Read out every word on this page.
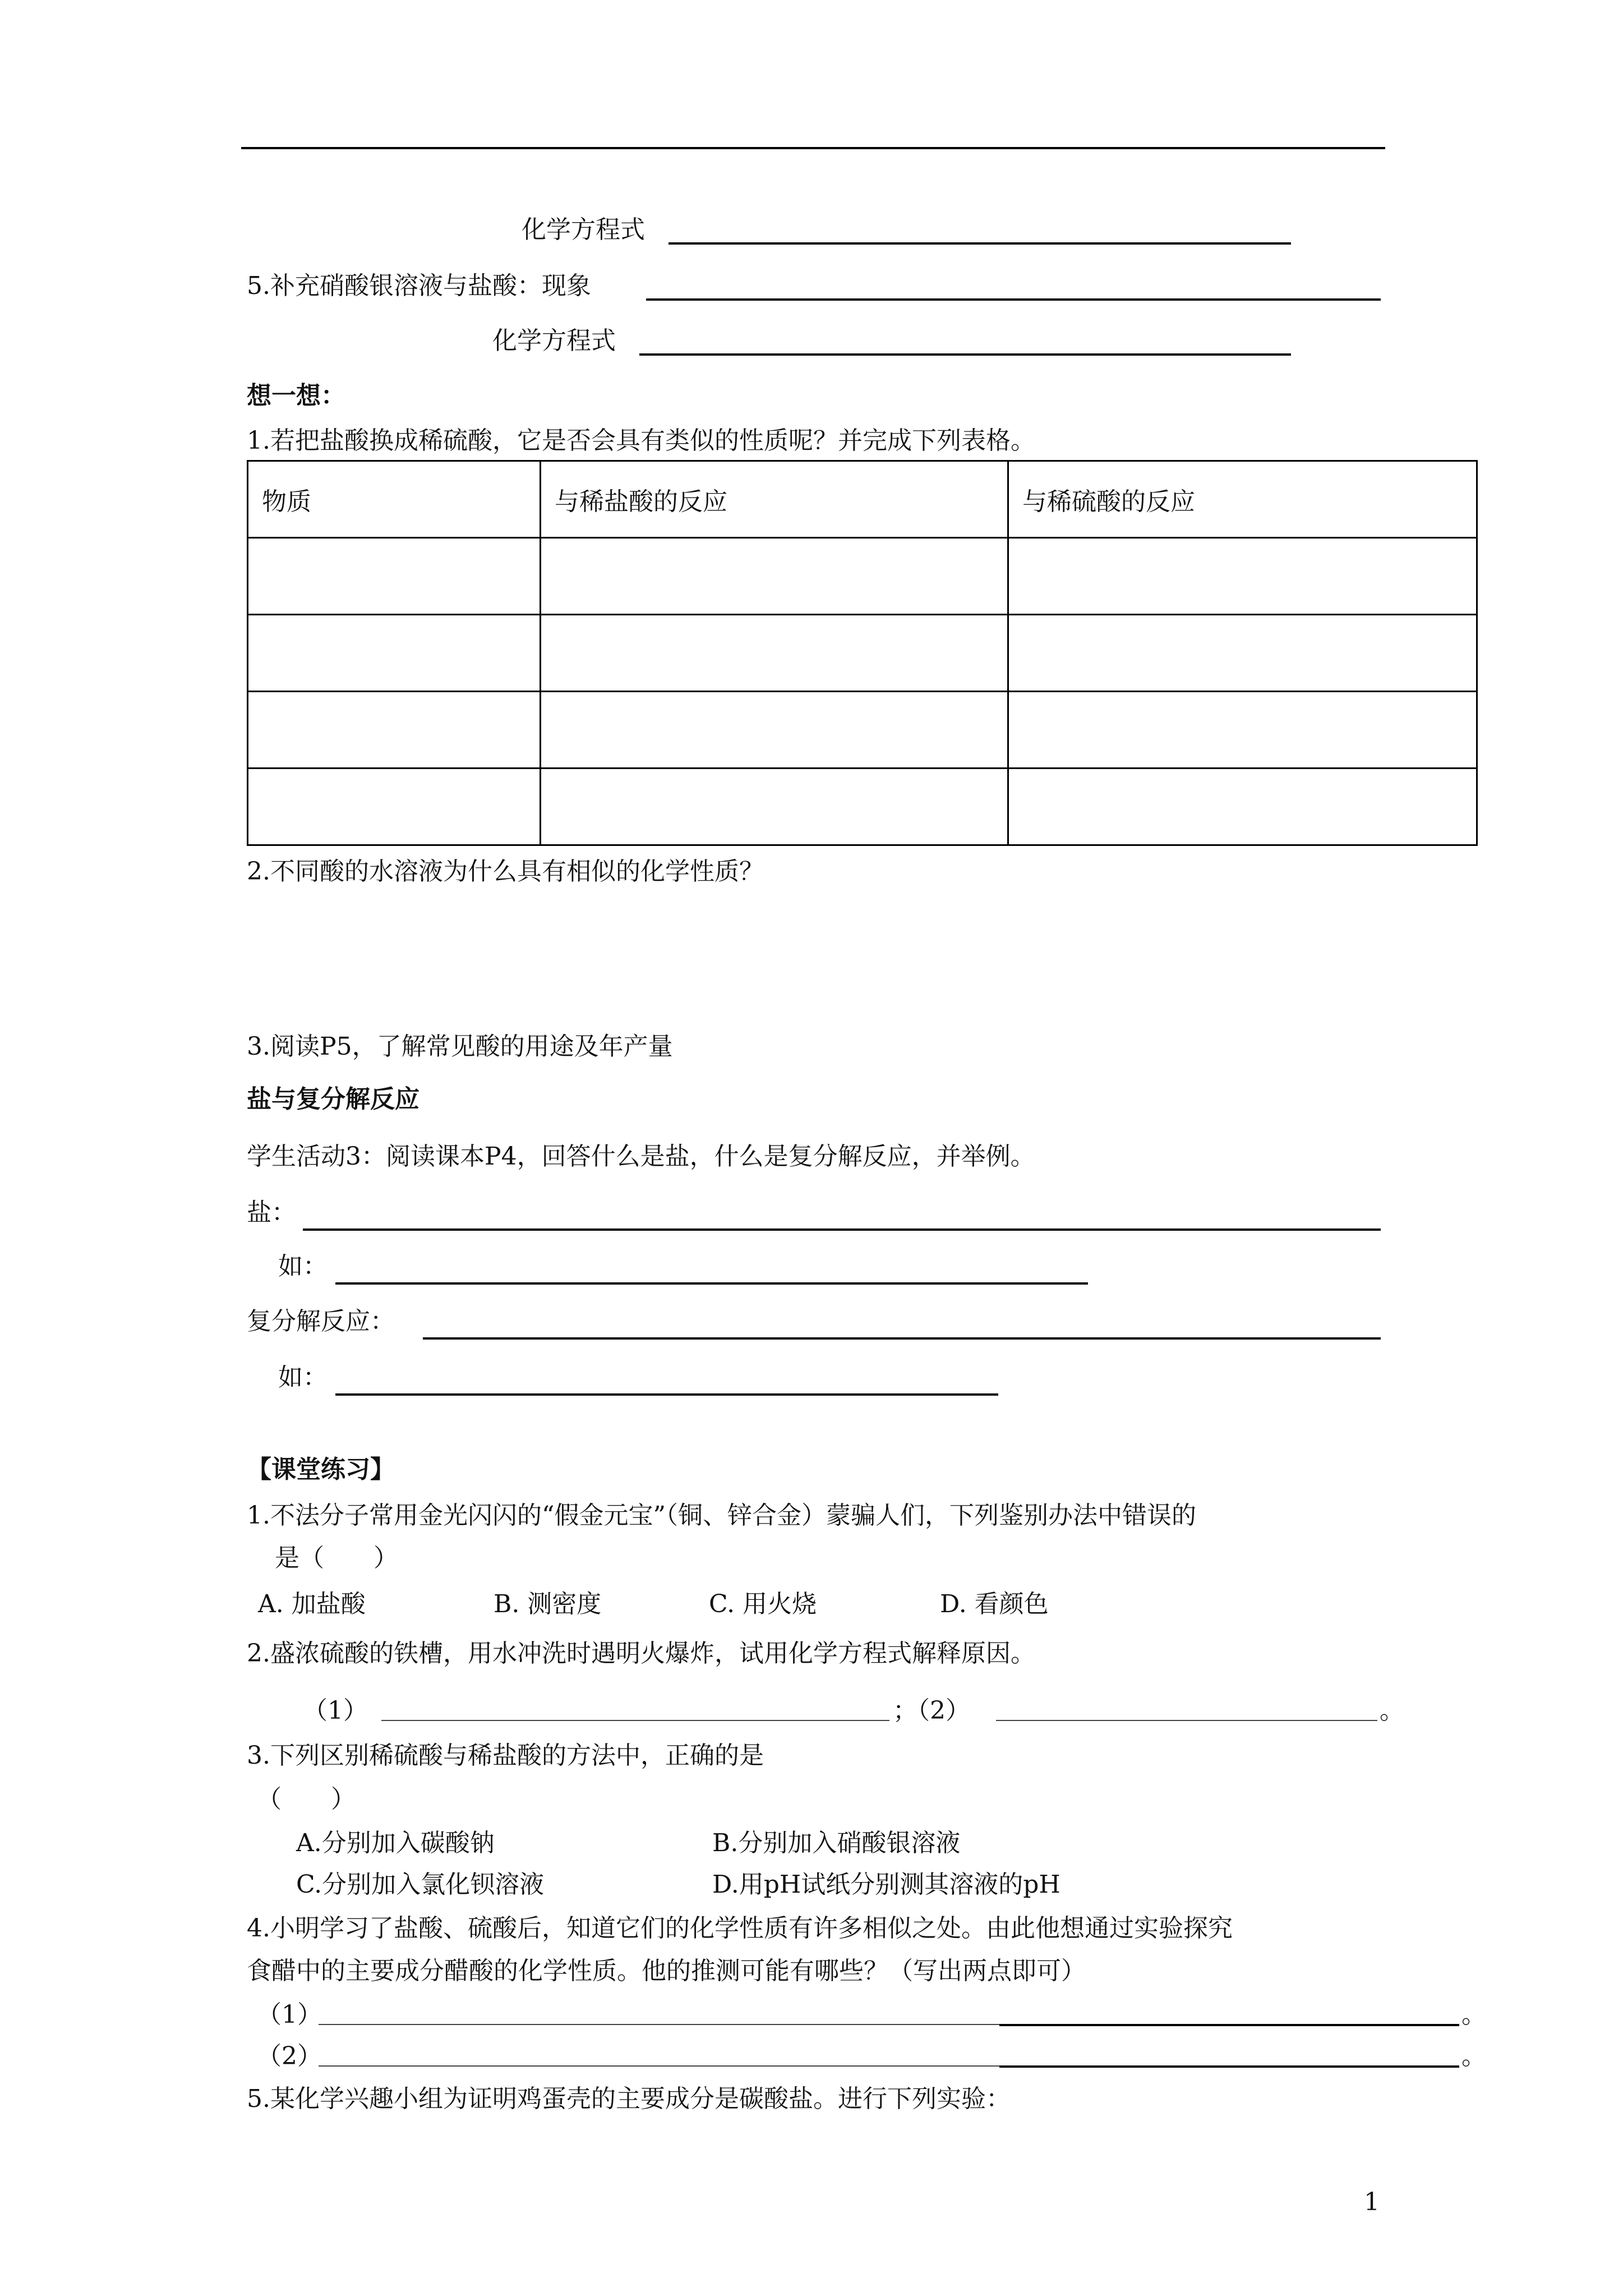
化学方程式
5.补充硝酸银溶液与盐酸：现象
化学方程式
想一想：
1.若把盐酸换成稀硫酸，它是否会具有类似的性质呢？并完成下列表格。
物质	与稀盐酸的反应	与稀硫酸的反应

2.不同酸的水溶液为什么具有相似的化学性质？
3.阅读P5，了解常见酸的用途及年产量
盐与复分解反应
学生活动3：阅读课本P4，回答什么是盐，什么是复分解反应，并举例。
盐：
如：
复分解反应：
如：
【课堂练习】
1.不法分子常用金光闪闪的“假金元宝”（铜、锌合金）蒙骗人们，下列鉴别办法中错误的
是（　　）
A. 加盐酸	B. 测密度	C. 用火烧	D. 看颜色
2.盛浓硫酸的铁槽，用水冲洗时遇明火爆炸，试用化学方程式解释原因。
（1）	；（2）	。
3.下列区别稀硫酸与稀盐酸的方法中，正确的是
（　　）
A.分别加入碳酸钠	B.分别加入硝酸银溶液
C.分别加入氯化钡溶液	D.用pH试纸分别测其溶液的pH
4.小明学习了盐酸、硫酸后，知道它们的化学性质有许多相似之处。由此他想通过实验探究
食醋中的主要成分醋酸的化学性质。他的推测可能有哪些？（写出两点即可）
（1）	。
（2）	。
5.某化学兴趣小组为证明鸡蛋壳的主要成分是碳酸盐。进行下列实验：
1
